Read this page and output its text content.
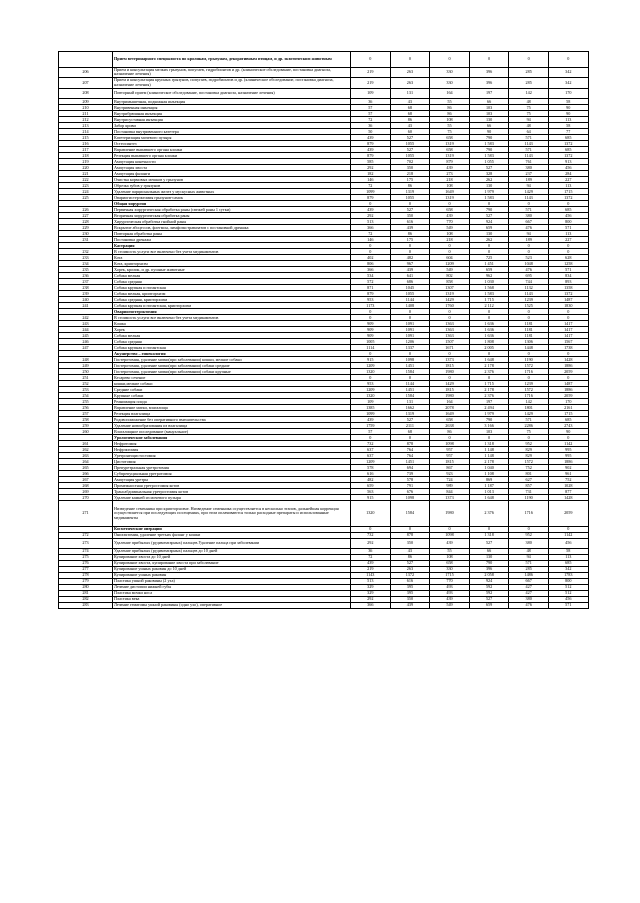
	Прием ветеринарного специалиста по кроликам, грызунам, декоративным птицам, и др. экзотическим животным	0	0	0	0	0	0
206	Прием и консультация мелких грызунов, попугаев, гидробионтов и др. (клиническое обследование, постановка диагноза, назначение лечения)	219	263	330	396	285	342
207	Прием и консультация крупных грызунов, попугаев, гидробионтов и др. (клиническое обследование, постановка диагноза, назначение лечения)	219	263	330	396	285	342
208	Повторный прием (клиническое обследование, постановка диагноза, назначение лечения)	109	131	164	197	142	170
209	Внутримышечная, подкожная инъекция	36	43	55	66	48	58
210	Внутривенная инъекция	57	68	86	103	75	90
211	Внутрибрюшная инъекция	57	68	86	103	75	90
212	Внутрисуставная инъекция	72	86	108	130	94	113
213	Забор крови	36	43	55	66	48	58
214	Постановка внутривенного катетера	50	60	75	90	64	77
215	Катетеризация мочевого пузыря	439	527	658	790	571	685
216	Остеосинтез	879	1055	1319	1 583	1143	1372
217	Вправление выпавшего органа клоаки	439	527	658	790	571	685
218	Резекция выпавшего органа клоаки	879	1055	1319	1 583	1143	1372
219	Ампутация конечности	585	702	879	1 055	761	913
220	Ампутация хвоста	292	350	439	527	380	456
221	Ампутация фаланги	182	218	273	328	237	284
222	Очистка кормовых мешков у грызунов	146	175	218	262	189	227
223	Обрезка зубов у грызунов	72	86	108	130	94	113
224	Удаление парциональных желез у мускусных животных	1099	1319	1649	1 979	1429	1715
225	Овариогистерэктомия грызунов-самок	879	1055	1319	1 583	1143	1372
	Общая хирургия	0	0	0	0	0	0
226	Первичная хирургическая обработка раны (свежей раны 1 сутки)	439	527	658	790	571	685
227	Вторичная хирургическая обработка раны	292	350	439	527	380	456
228	Хирургическая обработка гнойной раны	513	616	770	924	667	800
229	Вскрытие абсцессов, флегмон, лимфоэкстравазатов с постановкой дренажа	366	439	549	659	476	571
230	Повторная обработка раны	72	86	108	130	94	113
231	Постановка дренажа	146	175	218	262	189	227
	Кастрация	0	0	0	0	0	0
232	В стоимость услуги все включено без учета медикаментов	0	0	0	0	0	0
233	Кота	402	482	604	725	523	628
234	Кота, крипторхизм	806	967	1209	1 451	1048	1258
235	Хорек, кролик, и др. пушные животные	366	439	549	659	476	571
236	Собака мелкая	534	641	802	962	695	834
237	Собака средняя	572	686	858	1 030	744	893
238	Собака крупная и гигантская	871	1045	1307	1 568	1132	1358
239	Собака мелкая, крипторхизм	879	1055	1319	1 583	1143	1372
240	Собака средняя, крипторхизм	953	1144	1429	1 715	1239	1487
241	Собака крупная и гигантская, крипторхизм	1173	1408	1760	2 112	1525	1830
	Овариогистерэктомия	0	0	0	0	0	0
242	В стоимость услуги все включено без учета медикаментов	0	0	0	0	0	0
243	Кошка	909	1091	1363	1 636	1181	1417
244	Хорек	909	1091	1363	1 636	1181	1417
245	Собака мелкая	909	1091	1363	1 636	1181	1417
246	Собака средняя	1005	1206	1507	1 808	1306	1567
247	Собака крупная и гигантская	1114	1337	1671	2 005	1448	1738
	Акушерство – гинекология	0	0	0	0	0	0
248	Гистеротомия, удаление матки(при заболевании) кошки, мелкие собаки	915	1098	1373	1 648	1190	1428
249	Гистеротомия, удаление матки(при заболевании) собаки средние	1209	1451	1815	2 178	1572	1886
250	Гистеротомия, удаление матки(при заболевании) собаки крупные	1320	1584	1980	2 376	1716	2059
251	Кесарево сечение	0	0	0	0	0	0
252	кошки,мелкие собаки	953	1144	1429	1 715	1239	1487
253	Средние собаки	1209	1451	1815	2 178	1572	1886
254	Крупные собаки	1320	1584	1980	2 376	1716	2059
255	Реанимация плода	109	131	164	197	142	170
256	Вправление матки, влагалища	1385	1662	2078	2 494	1801	2161
257	Резекция влагалища	1099	1319	1649	1 979	1429	1715
258	Родовспоможение без оперативного вмешательства	439	527	658	790	571	685
259	Удаление новообразования из влагалища	1759	2111	2638	3 166	2286	2743
260	Влагалищное исследование (мануальное)	57	68	86	103	75	90
	Урологические заболевания	0	0	0	0	0	0
261	Нефротомия	732	878	1098	1 318	952	1142
262	Нефрэктомия	637	764	957	1 148	829	995
263	Уретронеоцистостомия	637	764	957	1 148	829	995
264	Цистотомия	1209	1451	1815	2 178	1572	1886
265	Препуретральная уретротомия	578	694	867	1 040	752	902
266	Субпрепуциальная уретротомия	616	739	923	1 108	801	961
267	Ампутация уретры	482	578	724	869	627	752
268	Промежностная уретростомия котов	659	791	989	1 187	857	1028
269	Трансабдоминальная уретростомия котов	563	676	844	1 013	731	877
270	Удаление камней из мочевого пузыря	915	1098	1373	1 648	1190	1428
271	Низведение семенника при крипторхизме. Низведение семенника осуществляется в несколько этапов, дальнейшая коррекция осуществляется при последующих посещениях, при этом оплачиваются только расходные препараты и использованные медикаменты	1320	1584	1980	2 376	1716	2059
	Косметические операции	0	0	0	0	0	0
272	Онихэктомия, удаление третьих фаланг у кошки	732	878	1098	1 318	952	1142
273	Удаление прибылых (рудиментарных) пальцев.Удаление пальца при заболевании	292	350	439	527	380	456
274	Удаление прибылых (рудиментарных) пальцев до 10 дней	36	43	55	66	48	58
275	Купирование хвоста до 10 дней	72	86	108	130	94	113
276	Купирование хвоста, купирование хвоста при заболевание	439	527	658	790	571	685
277	Купирование ушных раковин до 10 дней	219	263	330	396	285	342
278	Купирование ушных раковин	1143	1372	1715	2 058	1486	1783
279	Пластика ушной раковины (2 уха)	513	616	770	924	667	800
280	Лечение дистопии нижней губы	329	395	493	592	427	512
281	Пластика мочки носа	329	395	493	592	427	512
282	Пластика века	292	350	439	527	380	456
283	Лечение гематомы ушной раковины (одно ухо), оперативное	366	439	549	659	476	571
